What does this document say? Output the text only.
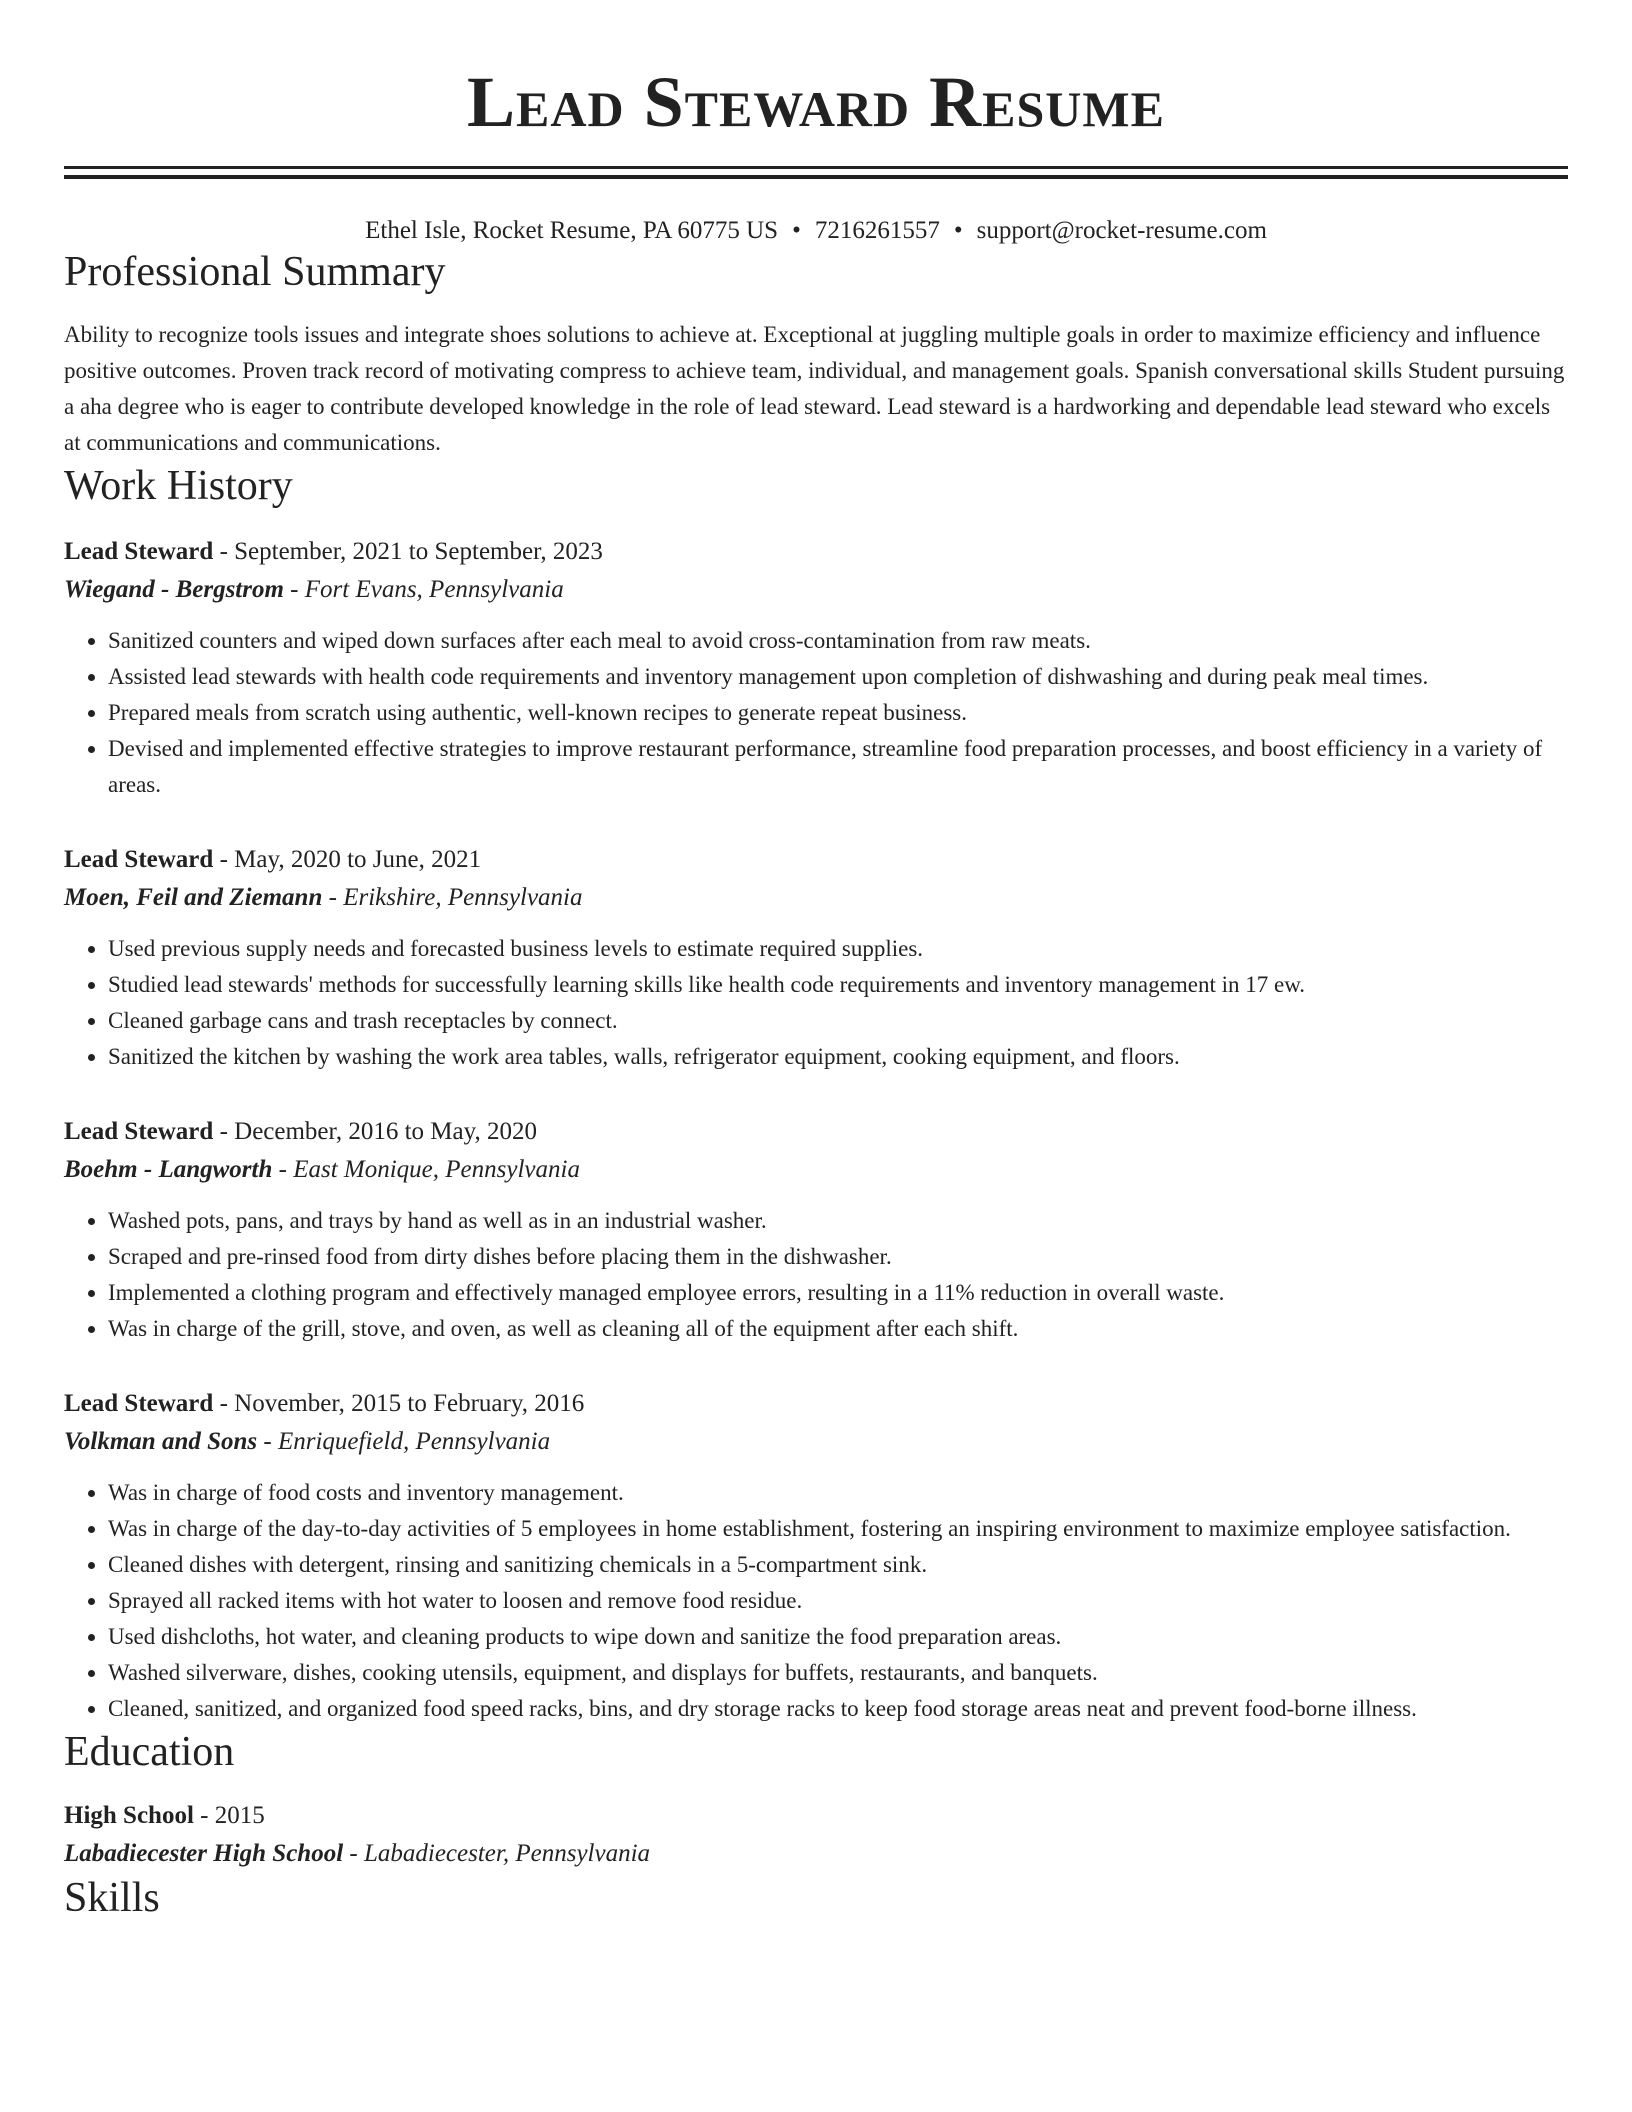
Lead Steward Resume
Ethel Isle, Rocket Resume, PA 60775 US • 7216261557 • support@rocket-resume.com
Professional Summary

Ability to recognize tools issues and integrate shoes solutions to achieve at. Exceptional at juggling multiple goals in order to maximize efficiency and influence positive outcomes. Proven track record of motivating compress to achieve team, individual, and management goals. Spanish conversational skills Student pursuing a aha degree who is eager to contribute developed knowledge in the role of lead steward. Lead steward is a hardworking and dependable lead steward who excels at communications and communications.

Work History
Lead Steward - September, 2021 to September, 2023
Wiegand - Bergstrom - Fort Evans, Pennsylvania
• Sanitized counters and wiped down surfaces after each meal to avoid cross-contamination from raw meats.
• Assisted lead stewards with health code requirements and inventory management upon completion of dishwashing and during peak meal times.
• Prepared meals from scratch using authentic, well-known recipes to generate repeat business.
• Devised and implemented effective strategies to improve restaurant performance, streamline food preparation processes, and boost efficiency in a variety of areas.
Lead Steward - May, 2020 to June, 2021
Moen, Feil and Ziemann - Erikshire, Pennsylvania
• Used previous supply needs and forecasted business levels to estimate required supplies.
• Studied lead stewards' methods for successfully learning skills like health code requirements and inventory management in 17 ew.
• Cleaned garbage cans and trash receptacles by connect.
• Sanitized the kitchen by washing the work area tables, walls, refrigerator equipment, cooking equipment, and floors.
Lead Steward - December, 2016 to May, 2020
Boehm - Langworth - East Monique, Pennsylvania
• Washed pots, pans, and trays by hand as well as in an industrial washer.
• Scraped and pre-rinsed food from dirty dishes before placing them in the dishwasher.
• Implemented a clothing program and effectively managed employee errors, resulting in a 11% reduction in overall waste.
• Was in charge of the grill, stove, and oven, as well as cleaning all of the equipment after each shift.
Lead Steward - November, 2015 to February, 2016
Volkman and Sons - Enriquefield, Pennsylvania
• Was in charge of food costs and inventory management.
• Was in charge of the day-to-day activities of 5 employees in home establishment, fostering an inspiring environment to maximize employee satisfaction.
• Cleaned dishes with detergent, rinsing and sanitizing chemicals in a 5-compartment sink.
• Sprayed all racked items with hot water to loosen and remove food residue.
• Used dishcloths, hot water, and cleaning products to wipe down and sanitize the food preparation areas.
• Washed silverware, dishes, cooking utensils, equipment, and displays for buffets, restaurants, and banquets.
• Cleaned, sanitized, and organized food speed racks, bins, and dry storage racks to keep food storage areas neat and prevent food-borne illness.
Education
High School - 2015
Labadiecester High School - Labadiecester, Pennsylvania
Skills
